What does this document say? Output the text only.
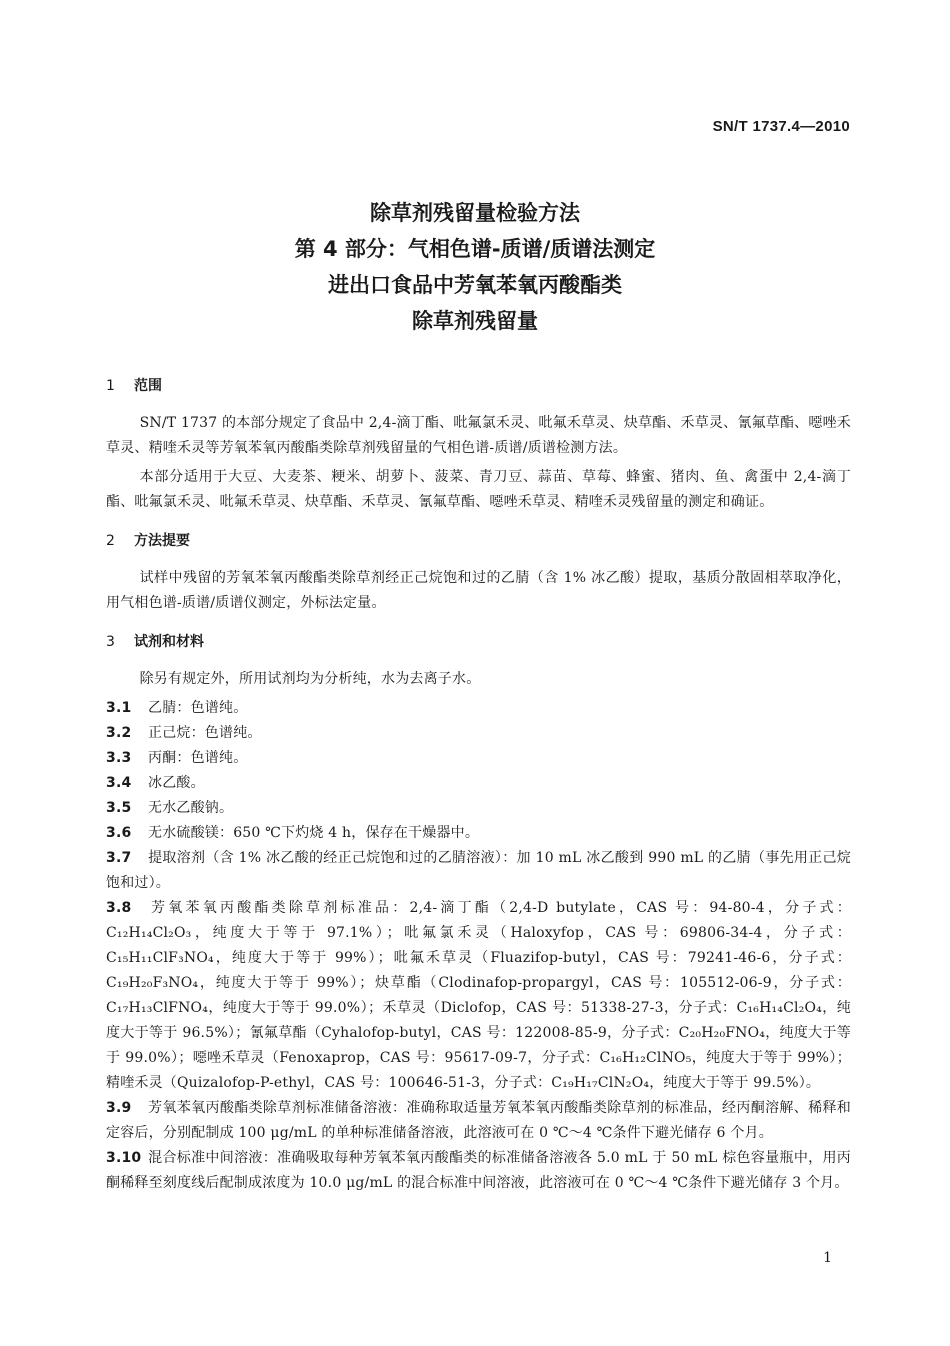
SN/T 1737.4—2010
除草剂残留量检验方法
第 4 部分：气相色谱-质谱/质谱法测定
进出口食品中芳氧苯氧丙酸酯类
除草剂残留量
1 范围

SN/T 1737 的本部分规定了食品中 2,4-滴丁酯、吡氟氯禾灵、吡氟禾草灵、炔草酯、禾草灵、氰氟草酯、噁唑禾草灵、精喹禾灵等芳氧苯氧丙酸酯类除草剂残留量的气相色谱-质谱/质谱检测方法。

本部分适用于大豆、大麦茶、粳米、胡萝卜、菠菜、青刀豆、蒜苗、草莓、蜂蜜、猪肉、鱼、禽蛋中 2,4-滴丁酯、吡氟氯禾灵、吡氟禾草灵、炔草酯、禾草灵、氰氟草酯、噁唑禾草灵、精喹禾灵残留量的测定和确证。

2 方法提要

试样中残留的芳氧苯氧丙酸酯类除草剂经正己烷饱和过的乙腈（含 1% 冰乙酸）提取，基质分散固相萃取净化，用气相色谱-质谱/质谱仪测定，外标法定量。

3 试剂和材料

除另有规定外，所用试剂均为分析纯，水为去离子水。

3.1 乙腈：色谱纯。

3.2 正己烷：色谱纯。

3.3 丙酮：色谱纯。

3.4 冰乙酸。

3.5 无水乙酸钠。

3.6 无水硫酸镁：650 ℃下灼烧 4 h，保存在干燥器中。

3.7 提取溶剂（含 1% 冰乙酸的经正己烷饱和过的乙腈溶液）：加 10 mL 冰乙酸到 990 mL 的乙腈（事先用正己烷饱和过）。

3.8 芳氧苯氧丙酸酯类除草剂标准品：2,4-滴丁酯（2,4-D butylate，CAS 号：94-80-4，分子式：C₁₂H₁₄Cl₂O₃，纯度大于等于 97.1%）；吡氟氯禾灵（Haloxyfop，CAS 号：69806-34-4，分子式：C₁₅H₁₁ClF₃NO₄，纯度大于等于 99%）；吡氟禾草灵（Fluazifop-butyl，CAS 号：79241-46-6，分子式：C₁₉H₂₀F₃NO₄，纯度大于等于 99%）；炔草酯（Clodinafop-propargyl，CAS 号：105512-06-9，分子式：C₁₇H₁₃ClFNO₄，纯度大于等于 99.0%）；禾草灵（Diclofop，CAS 号：51338-27-3，分子式：C₁₆H₁₄Cl₂O₄，纯度大于等于 96.5%）；氰氟草酯（Cyhalofop-butyl，CAS 号：122008-85-9，分子式：C₂₀H₂₀FNO₄，纯度大于等于 99.0%）；噁唑禾草灵（Fenoxaprop，CAS 号：95617-09-7，分子式：C₁₆H₁₂ClNO₅，纯度大于等于 99%）；精喹禾灵（Quizalofop-P-ethyl，CAS 号：100646-51-3，分子式：C₁₉H₁₇ClN₂O₄，纯度大于等于 99.5%）。

3.9 芳氧苯氧丙酸酯类除草剂标准储备溶液：准确称取适量芳氧苯氧丙酸酯类除草剂的标准品，经丙酮溶解、稀释和定容后，分别配制成 100 μg/mL 的单种标准储备溶液，此溶液可在 0 ℃～4 ℃条件下避光储存 6 个月。

3.10 混合标准中间溶液：准确吸取每种芳氧苯氧丙酸酯类的标准储备溶液各 5.0 mL 于 50 mL 棕色容量瓶中，用丙酮稀释至刻度线后配制成浓度为 10.0 μg/mL 的混合标准中间溶液，此溶液可在 0 ℃～4 ℃条件下避光储存 3 个月。

1
